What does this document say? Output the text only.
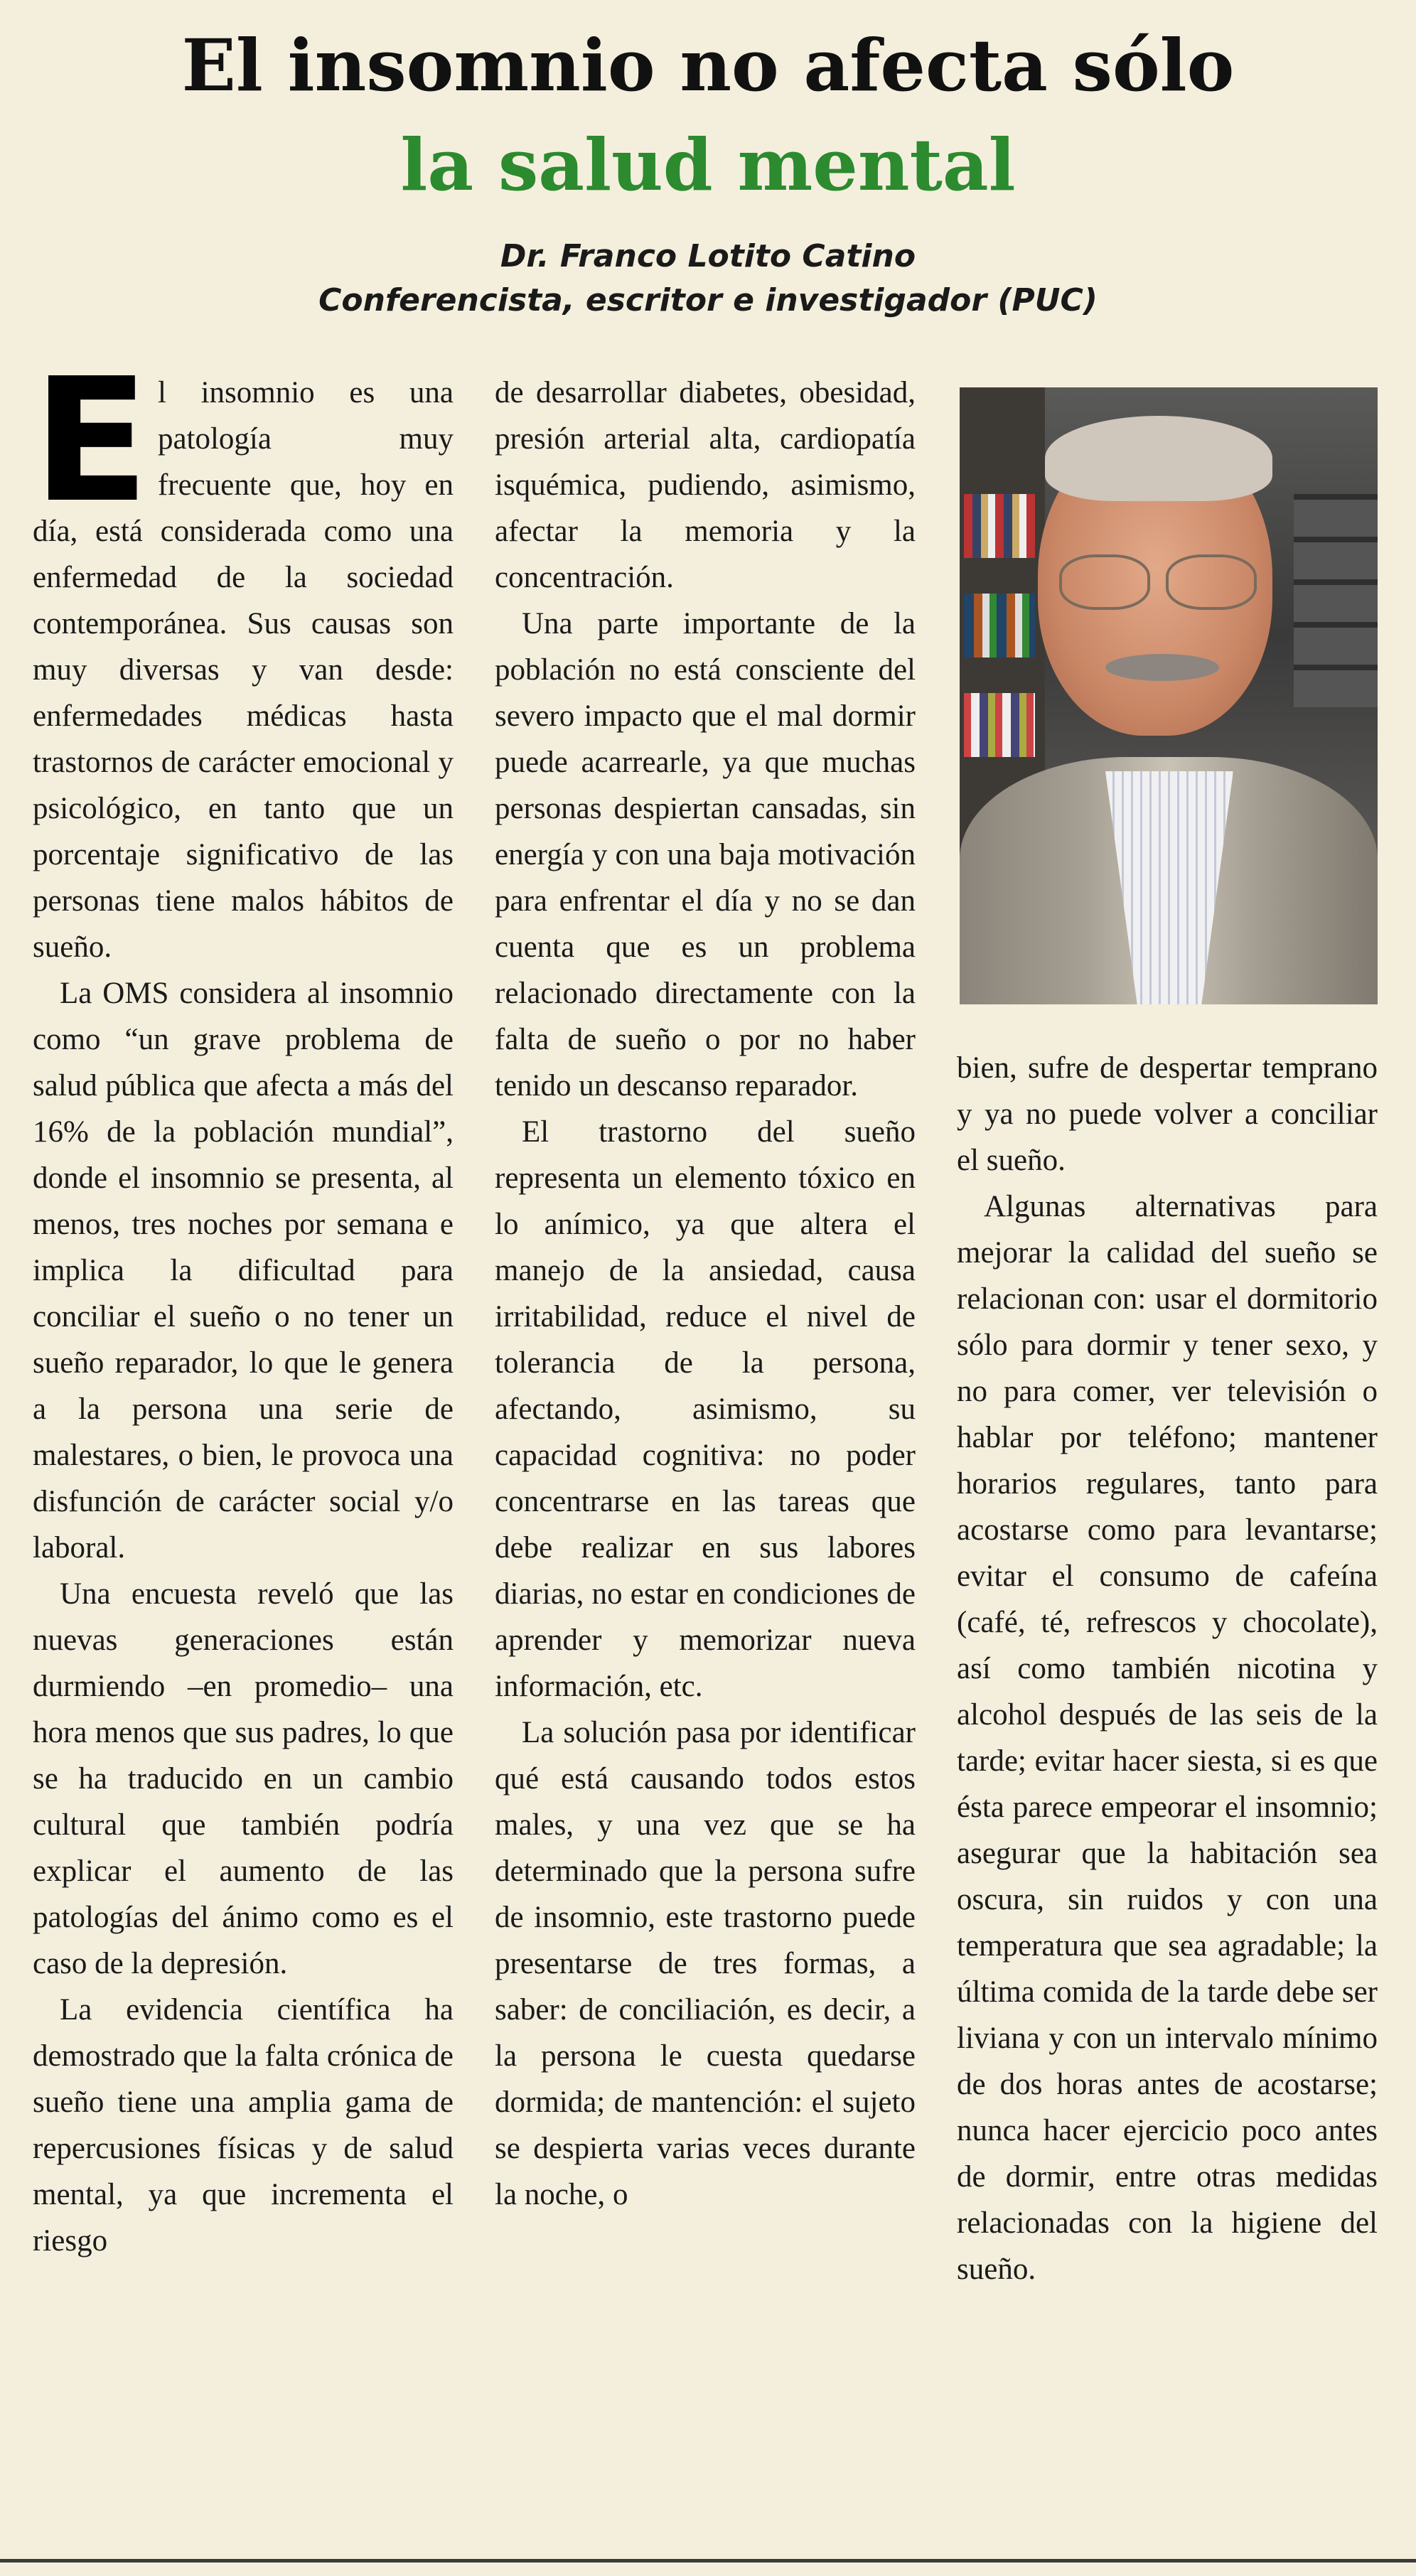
El insomnio no afecta sólo
la salud mental
Dr. Franco Lotito Catino
Conferencista, escritor e investigador (PUC)

El insomnio es una patología muy frecuente que, hoy en día, está considerada como una enfermedad de la sociedad contemporánea. Sus causas son muy diversas y van desde: enfermedades médicas hasta trastornos de carácter emocional y psicológico, en tanto que un porcentaje significativo de las personas tiene malos hábitos de sueño.

La OMS considera al insomnio como “un grave problema de salud pública que afecta a más del 16% de la población mundial”, donde el insomnio se presenta, al menos, tres noches por semana e implica la dificultad para conciliar el sueño o no tener un sueño reparador, lo que le genera a la persona una serie de malestares, o bien, le provoca una disfunción de carácter social y/o laboral.

Una encuesta reveló que las nuevas generaciones están durmiendo –en promedio– una hora menos que sus padres, lo que se ha traducido en un cambio cultural que también podría explicar el aumento de las patologías del ánimo como es el caso de la depresión.

La evidencia científica ha demostrado que la falta crónica de sueño tiene una amplia gama de repercusiones físicas y de salud mental, ya que incrementa el riesgo

de desarrollar diabetes, obesidad, presión arterial alta, cardiopatía isquémica, pudiendo, asimismo, afectar la memoria y la concentración.

Una parte importante de la población no está consciente del severo impacto que el mal dormir puede acarrearle, ya que muchas personas despiertan cansadas, sin energía y con una baja motivación para enfrentar el día y no se dan cuenta que es un problema relacionado directamente con la falta de sueño o por no haber tenido un descanso reparador.

El trastorno del sueño representa un elemento tóxico en lo anímico, ya que altera el manejo de la ansiedad, causa irritabilidad, reduce el nivel de tolerancia de la persona, afectando, asimismo, su capacidad cognitiva: no poder concentrarse en las tareas que debe realizar en sus labores diarias, no estar en condiciones de aprender y memorizar nueva información, etc.

La solución pasa por identificar qué está causando todos estos males, y una vez que se ha determinado que la persona sufre de insomnio, este trastorno puede presentarse de tres formas, a saber: de conciliación, es decir, a la persona le cuesta quedarse dormida; de mantención: el sujeto se despierta varias veces durante la noche, o

bien, sufre de despertar temprano y ya no puede volver a conciliar el sueño.

Algunas alternativas para mejorar la calidad del sueño se relacionan con: usar el dormitorio sólo para dormir y tener sexo, y no para comer, ver televisión o hablar por teléfono; mantener horarios regulares, tanto para acostarse como para levantarse; evitar el consumo de cafeína (café, té, refrescos y chocolate), así como también nicotina y alcohol después de las seis de la tarde; evitar hacer siesta, si es que ésta parece empeorar el insomnio; asegurar que la habitación sea oscura, sin ruidos y con una temperatura que sea agradable; la última comida de la tarde debe ser liviana y con un intervalo mínimo de dos horas antes de acostarse; nunca hacer ejercicio poco antes de dormir, entre otras medidas relacionadas con la higiene del sueño.
